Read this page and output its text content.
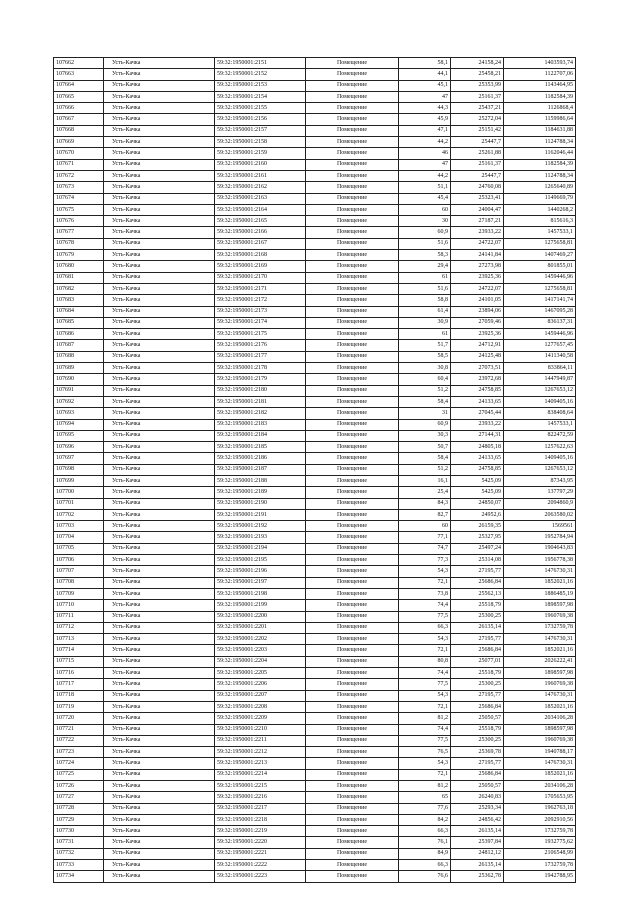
107662	Усть-Качка	59:32:1950001:2151	Помещение	58,1	24158,24	1403593,74
107663	Усть-Качка	59:32:1950001:2152	Помещение	44,1	25458,21	1122707,06
107664	Усть-Качка	59:32:1950001:2153	Помещение	45,1	25353,99	1143464,95
107665	Усть-Качка	59:32:1950001:2154	Помещение	47	25161,37	1182584,39
107666	Усть-Качка	59:32:1950001:2155	Помещение	44,3	25437,21	1126868,4
107667	Усть-Качка	59:32:1950001:2156	Помещение	45,9	25272,04	1159986,64
107668	Усть-Качка	59:32:1950001:2157	Помещение	47,1	25151,42	1184631,88
107669	Усть-Качка	59:32:1950001:2158	Помещение	44,2	25447,7	1124788,34
107670	Усть-Качка	59:32:1950001:2159	Помещение	46	25261,88	1162046,44
107671	Усть-Качка	59:32:1950001:2160	Помещение	47	25161,37	1182584,39
107672	Усть-Качка	59:32:1950001:2161	Помещение	44,2	25447,7	1124788,34
107673	Усть-Качка	59:32:1950001:2162	Помещение	51,1	24760,08	1265640,89
107674	Усть-Качка	59:32:1950001:2163	Помещение	45,4	25323,41	1149669,79
107675	Усть-Качка	59:32:1950001:2164	Помещение	60	24004,47	1440268,2
107676	Усть-Качка	59:32:1950001:2165	Помещение	30	27187,21	815616,3
107677	Усть-Качка	59:32:1950001:2166	Помещение	60,9	23933,22	1457533,1
107678	Усть-Качка	59:32:1950001:2167	Помещение	51,6	24722,07	1275658,81
107679	Усть-Качка	59:32:1950001:2168	Помещение	58,3	24141,84	1407469,27
107680	Усть-Качка	59:32:1950001:2169	Помещение	29,4	27273,98	801855,01
107681	Усть-Качка	59:32:1950001:2170	Помещение	61	23925,36	1459446,96
107682	Усть-Качка	59:32:1950001:2171	Помещение	51,6	24722,07	1275658,81
107683	Усть-Качка	59:32:1950001:2172	Помещение	58,8	24101,05	1417141,74
107684	Усть-Качка	59:32:1950001:2173	Помещение	61,4	23894,06	1467095,28
107685	Усть-Качка	59:32:1950001:2174	Помещение	30,9	27059,46	836137,31
107686	Усть-Качка	59:32:1950001:2175	Помещение	61	23925,36	1459446,96
107687	Усть-Качка	59:32:1950001:2176	Помещение	51,7	24712,91	1277657,45
107688	Усть-Качка	59:32:1950001:2177	Помещение	58,5	24125,48	1411340,58
107689	Усть-Качка	59:32:1950001:2178	Помещение	30,8	27073,51	833864,11
107690	Усть-Качка	59:32:1950001:2179	Помещение	60,4	23972,68	1447949,87
107691	Усть-Качка	59:32:1950001:2180	Помещение	51,2	24758,85	1267653,12
107692	Усть-Качка	59:32:1950001:2181	Помещение	58,4	24133,65	1409405,16
107693	Усть-Качка	59:32:1950001:2182	Помещение	31	27045,44	838408,64
107694	Усть-Качка	59:32:1950001:2183	Помещение	60,9	23933,22	1457533,1
107695	Усть-Качка	59:32:1950001:2184	Помещение	30,3	27144,31	822472,59
107696	Усть-Качка	59:32:1950001:2185	Помещение	50,7	24805,18	1257622,63
107697	Усть-Качка	59:32:1950001:2186	Помещение	58,4	24133,65	1409405,16
107698	Усть-Качка	59:32:1950001:2187	Помещение	51,2	24758,85	1267653,12
107699	Усть-Качка	59:32:1950001:2188	Помещение	16,1	5425,09	87343,95
107700	Усть-Качка	59:32:1950001:2189	Помещение	25,4	5425,09	137797,29
107701	Усть-Качка	59:32:1950001:2190	Помещение	84,3	24850,07	2094860,9
107702	Усть-Качка	59:32:1950001:2191	Помещение	82,7	24952,6	2063580,02
107703	Усть-Качка	59:32:1950001:2192	Помещение	60	26159,35	1569561
107704	Усть-Качка	59:32:1950001:2193	Помещение	77,1	25327,95	1952784,94
107705	Усть-Качка	59:32:1950001:2194	Помещение	74,7	25497,24	1904643,83
107706	Усть-Качка	59:32:1950001:2195	Помещение	77,3	25314,08	1956778,38
107707	Усть-Качка	59:32:1950001:2196	Помещение	54,3	27195,77	1476730,31
107708	Усть-Качка	59:32:1950001:2197	Помещение	72,1	25686,84	1852021,16
107709	Усть-Качка	59:32:1950001:2198	Помещение	73,8	25562,13	1886485,19
107710	Усть-Качка	59:32:1950001:2199	Помещение	74,4	25518,79	1898597,98
107711	Усть-Качка	59:32:1950001:2200	Помещение	77,5	25300,25	1960769,38
107712	Усть-Качка	59:32:1950001:2201	Помещение	66,3	26135,14	1732759,78
107713	Усть-Качка	59:32:1950001:2202	Помещение	54,3	27195,77	1476730,31
107714	Усть-Качка	59:32:1950001:2203	Помещение	72,1	25686,84	1852021,16
107715	Усть-Качка	59:32:1950001:2204	Помещение	80,8	25077,01	2026222,41
107716	Усть-Качка	59:32:1950001:2205	Помещение	74,4	25518,79	1898597,98
107717	Усть-Качка	59:32:1950001:2206	Помещение	77,5	25300,25	1960769,38
107718	Усть-Качка	59:32:1950001:2207	Помещение	54,3	27195,77	1476730,31
107719	Усть-Качка	59:32:1950001:2208	Помещение	72,1	25686,84	1852021,16
107720	Усть-Качка	59:32:1950001:2209	Помещение	81,2	25050,57	2034106,28
107721	Усть-Качка	59:32:1950001:2210	Помещение	74,4	25518,79	1898597,98
107722	Усть-Качка	59:32:1950001:2211	Помещение	77,5	25300,25	1960769,38
107723	Усть-Качка	59:32:1950001:2212	Помещение	76,5	25369,78	1940788,17
107724	Усть-Качка	59:32:1950001:2213	Помещение	54,3	27195,77	1476730,31
107725	Усть-Качка	59:32:1950001:2214	Помещение	72,1	25686,84	1852021,16
107726	Усть-Качка	59:32:1950001:2215	Помещение	81,2	25050,57	2034106,28
107727	Усть-Качка	59:32:1950001:2216	Помещение	65	26240,83	1705653,95
107728	Усть-Качка	59:32:1950001:2217	Помещение	77,6	25293,34	1962763,18
107729	Усть-Качка	59:32:1950001:2218	Помещение	84,2	24856,42	2092910,56
107730	Усть-Качка	59:32:1950001:2219	Помещение	66,3	26135,14	1732759,78
107731	Усть-Качка	59:32:1950001:2220	Помещение	76,1	25397,84	1932775,62
107732	Усть-Качка	59:32:1950001:2221	Помещение	84,9	24812,12	2106548,99
107733	Усть-Качка	59:32:1950001:2222	Помещение	66,3	26135,14	1732759,78
107734	Усть-Качка	59:32:1950001:2223	Помещение	76,6	25362,78	1942788,95
